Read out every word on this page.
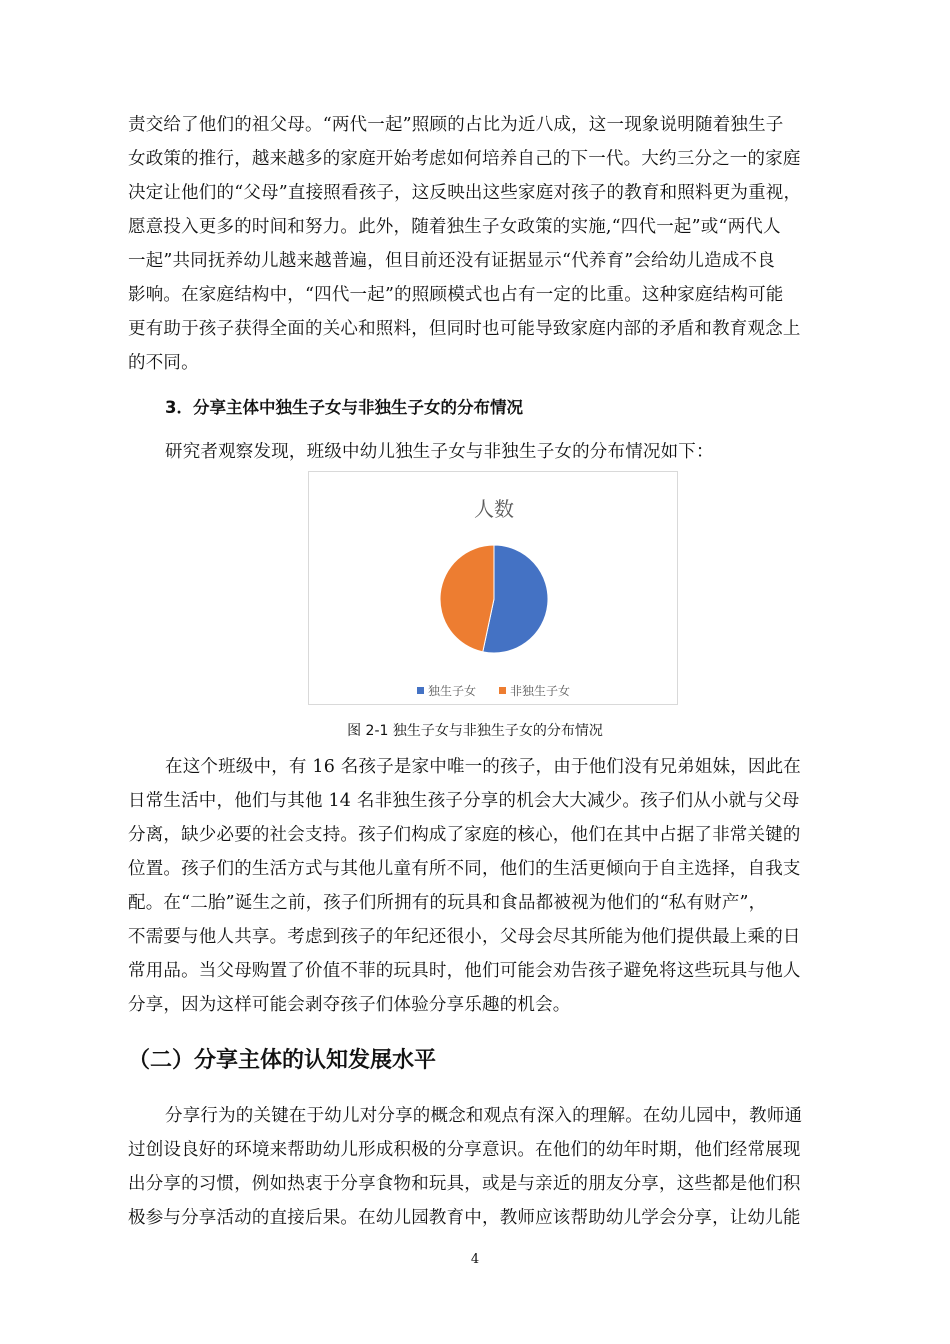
责交给了他们的祖父母。“两代一起”照顾的占比为近八成，这一现象说明随着独生子
女政策的推行，越来越多的家庭开始考虑如何培养自己的下一代。大约三分之一的家庭
决定让他们的“父母”直接照看孩子，这反映出这些家庭对孩子的教育和照料更为重视，
愿意投入更多的时间和努力。此外，随着独生子女政策的实施,“四代一起”或“两代人
一起”共同抚养幼儿越来越普遍，但目前还没有证据显示“代养育”会给幼儿造成不良
影响。在家庭结构中，“四代一起”的照顾模式也占有一定的比重。这种家庭结构可能
更有助于孩子获得全面的关心和照料，但同时也可能导致家庭内部的矛盾和教育观念上
的不同。
3．分享主体中独生子女与非独生子女的分布情况
研究者观察发现，班级中幼儿独生子女与非独生子女的分布情况如下：
人数
独生子女	非独生子女

图 2-1 独生子女与非独生子女的分布情况

在这个班级中，有 16 名孩子是家中唯一的孩子，由于他们没有兄弟姐妹，因此在
日常生活中，他们与其他 14 名非独生孩子分享的机会大大减少。孩子们从小就与父母
分离，缺少必要的社会支持。孩子们构成了家庭的核心，他们在其中占据了非常关键的
位置。孩子们的生活方式与其他儿童有所不同，他们的生活更倾向于自主选择，自我支
配。在“二胎”诞生之前，孩子们所拥有的玩具和食品都被视为他们的“私有财产”，
不需要与他人共享。考虑到孩子的年纪还很小，父母会尽其所能为他们提供最上乘的日
常用品。当父母购置了价值不菲的玩具时，他们可能会劝告孩子避免将这些玩具与他人
分享，因为这样可能会剥夺孩子们体验分享乐趣的机会。
（二）分享主体的认知发展水平
分享行为的关键在于幼儿对分享的概念和观点有深入的理解。在幼儿园中，教师通
过创设良好的环境来帮助幼儿形成积极的分享意识。在他们的幼年时期，他们经常展现
出分享的习惯，例如热衷于分享食物和玩具，或是与亲近的朋友分享，这些都是他们积
极参与分享活动的直接后果。在幼儿园教育中，教师应该帮助幼儿学会分享，让幼儿能
4
